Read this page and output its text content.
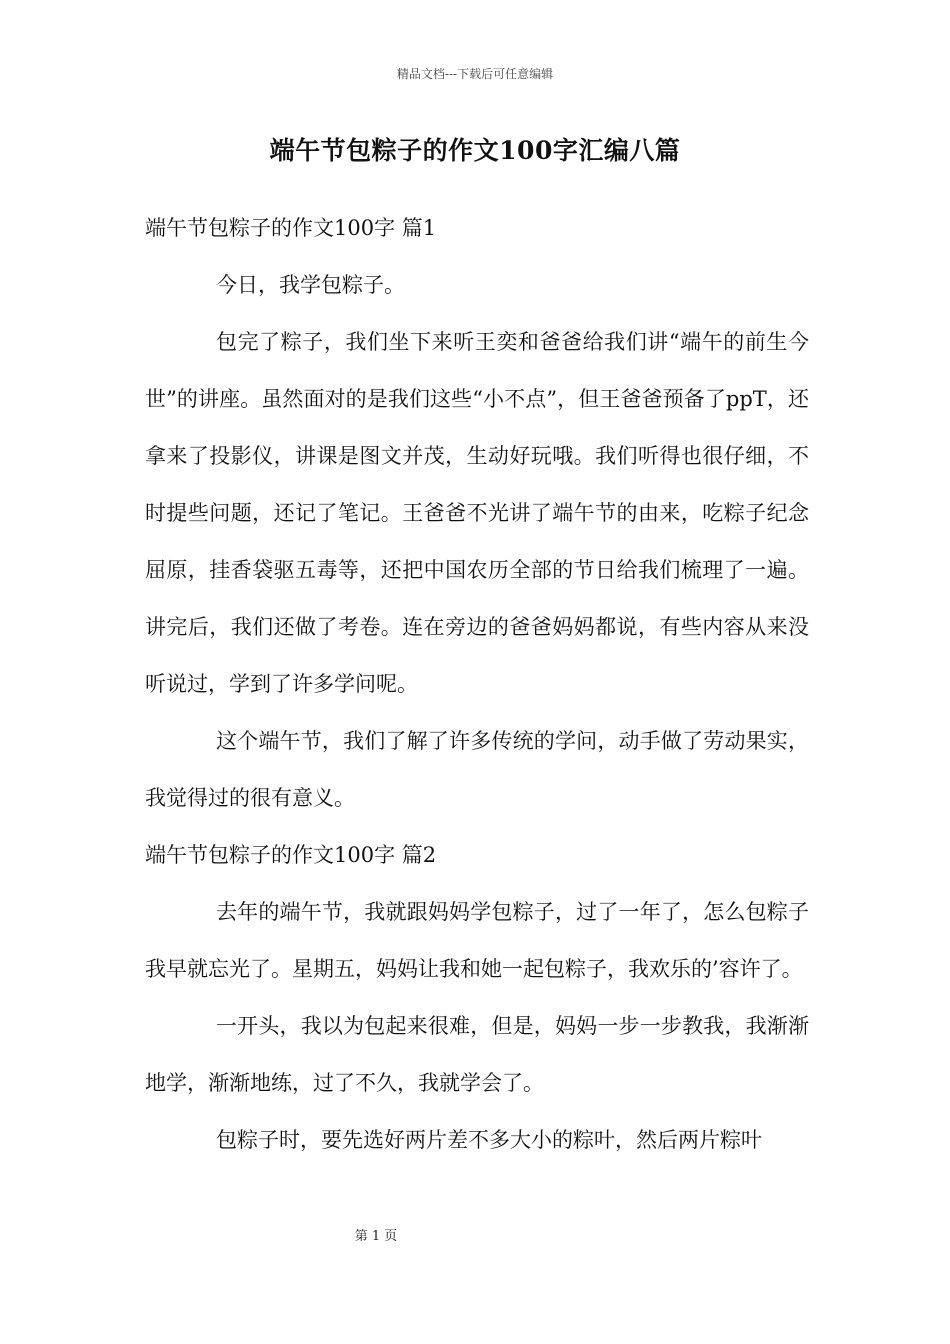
精品文档---下载后可任意编辑
端午节包粽子的作文100字汇编八篇

端午节包粽子的作文100字 篇1

今日，我学包粽子。

包完了粽子，我们坐下来听王奕和爸爸给我们讲“端午的前生今世”的讲座。虽然面对的是我们这些“小不点”，但王爸爸预备了ppT，还拿来了投影仪，讲课是图文并茂，生动好玩哦。我们听得也很仔细，不时提些问题，还记了笔记。王爸爸不光讲了端午节的由来，吃粽子纪念屈原，挂香袋驱五毒等，还把中国农历全部的节日给我们梳理了一遍。讲完后，我们还做了考卷。连在旁边的爸爸妈妈都说，有些内容从来没听说过，学到了许多学问呢。

这个端午节，我们了解了许多传统的学问，动手做了劳动果实，我觉得过的很有意义。

端午节包粽子的作文100字 篇2

去年的端午节，我就跟妈妈学包粽子，过了一年了，怎么包粽子我早就忘光了。星期五，妈妈让我和她一起包粽子，我欢乐的’容许了。

一开头，我以为包起来很难，但是，妈妈一步一步教我，我渐渐地学，渐渐地练，过了不久，我就学会了。

包粽子时，要先选好两片差不多大小的粽叶，然后两片粽叶

第 1 页
